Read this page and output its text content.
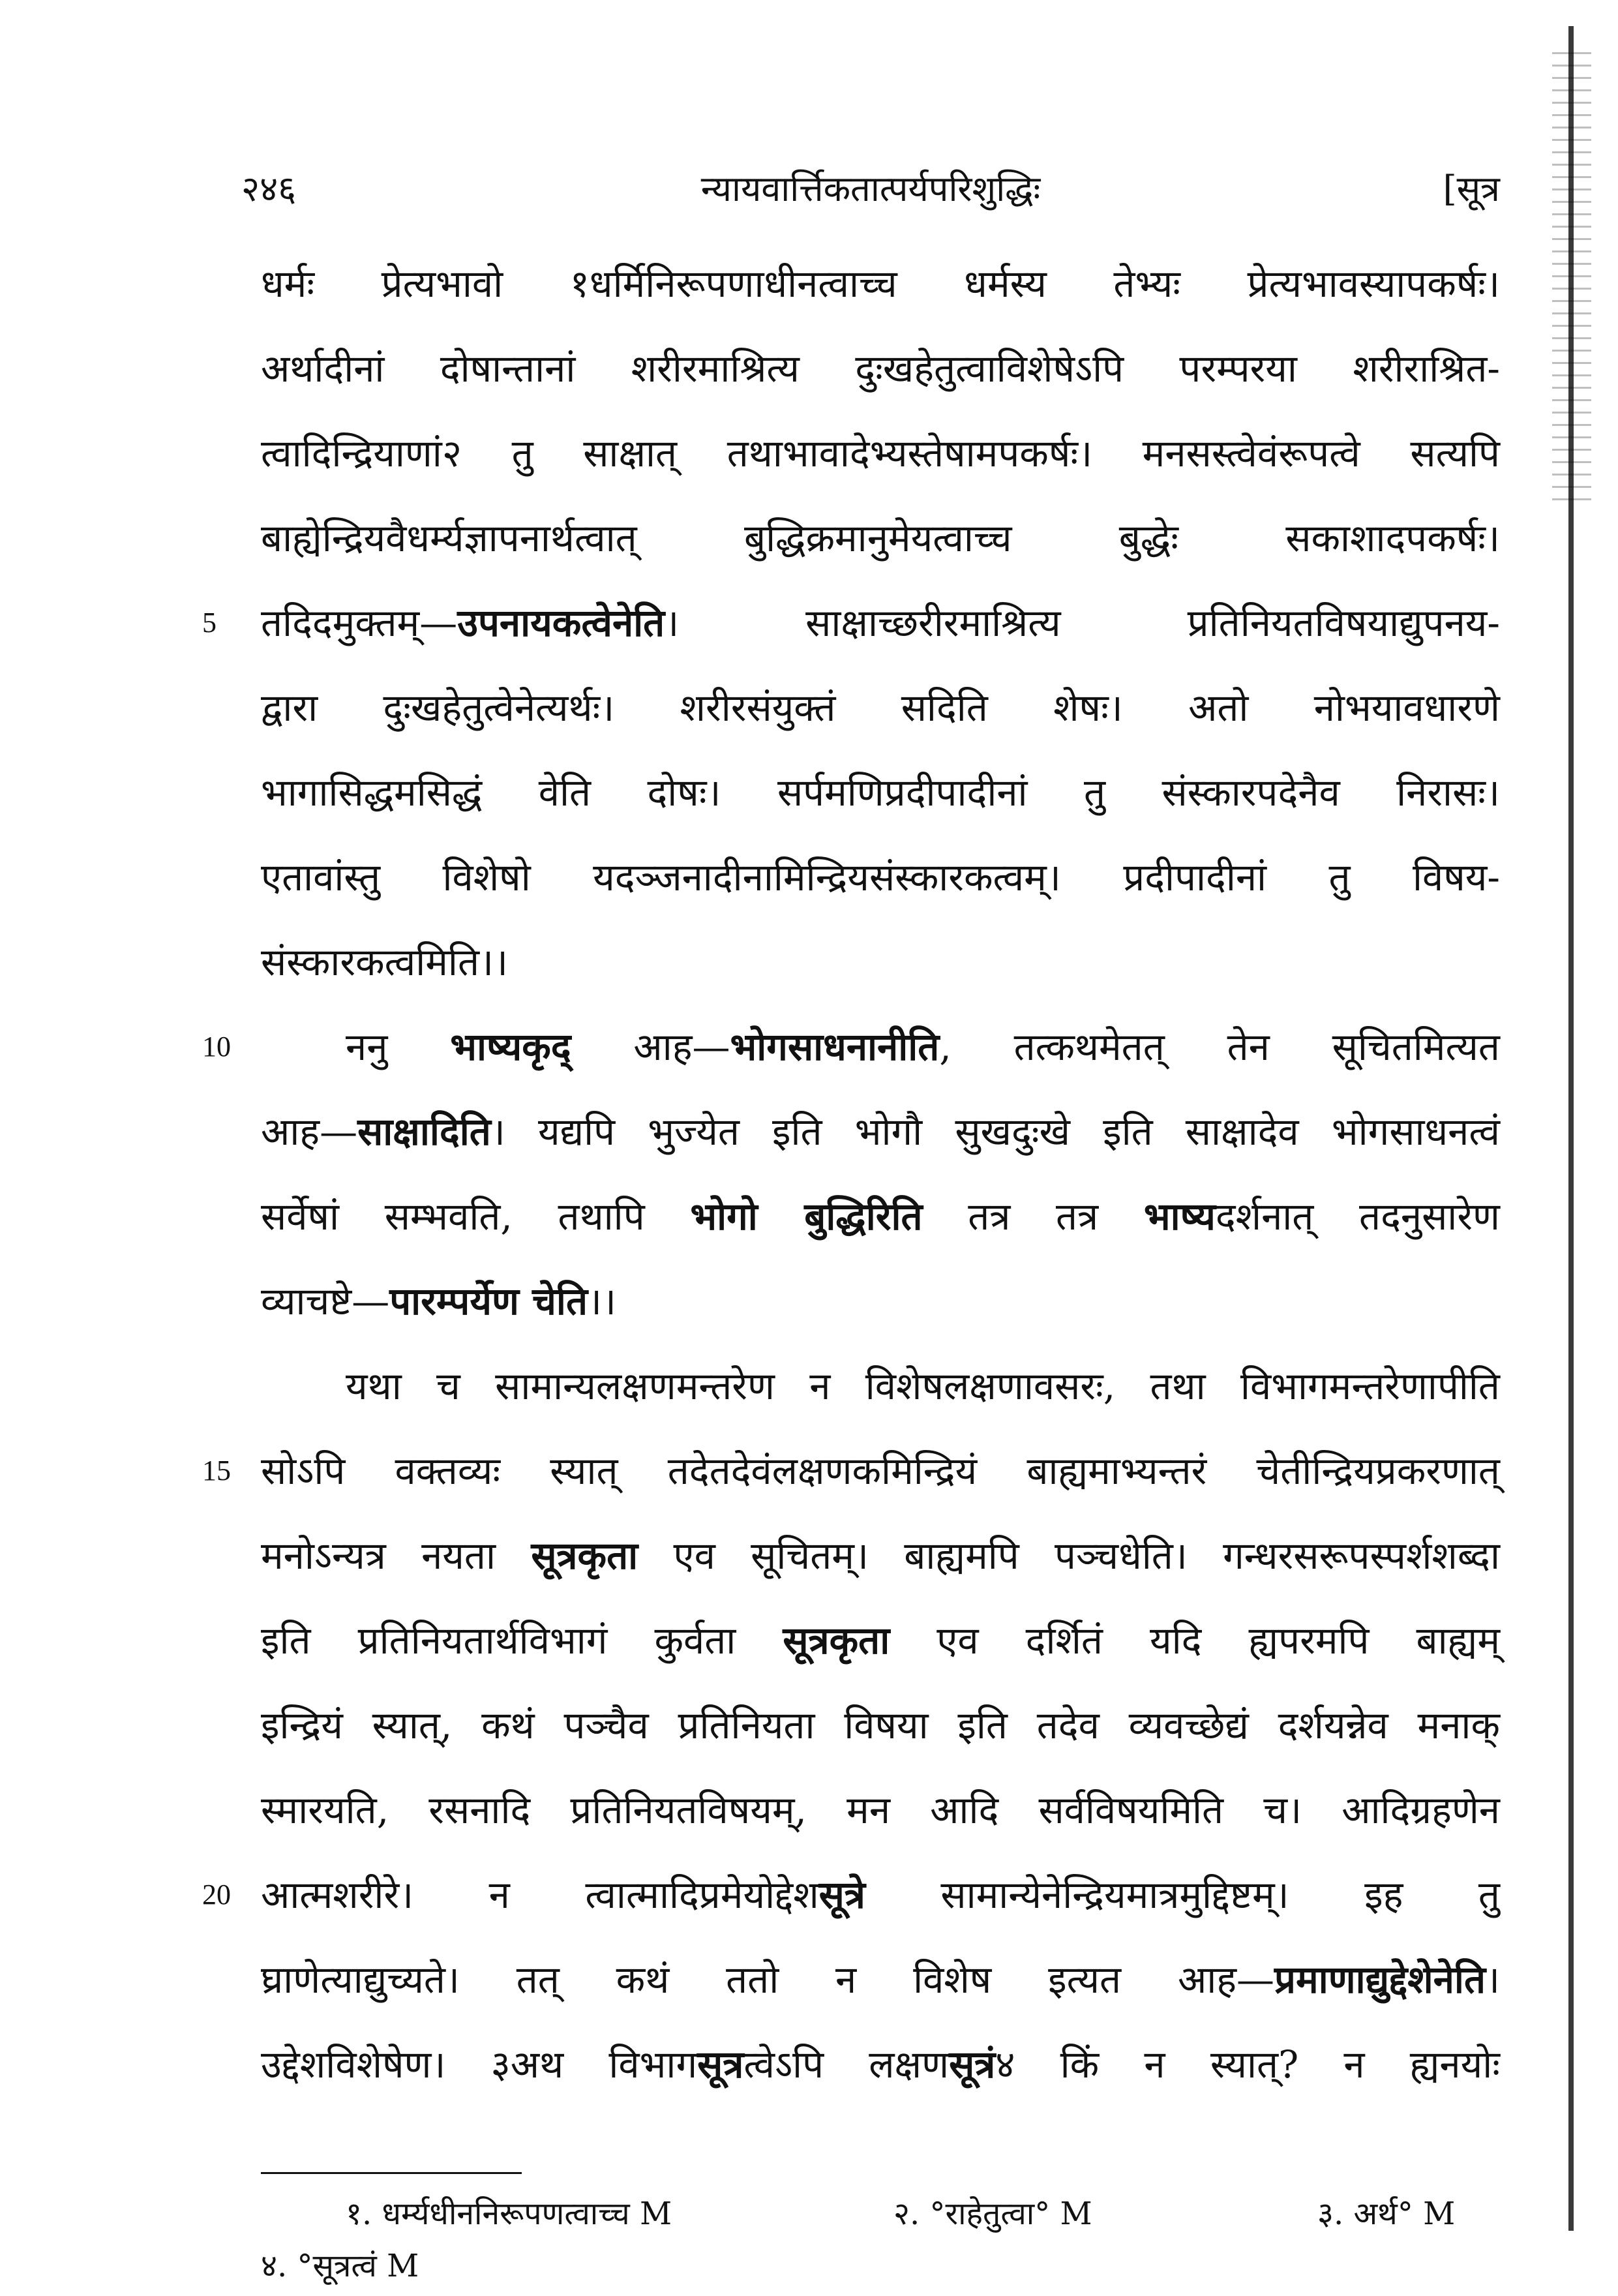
२४६	न्यायवार्त्तिकतात्पर्यपरिशुद्धिः	[सूत्र
धर्मः प्रेत्यभावो १धर्मिनिरूपणाधीनत्वाच्च धर्मस्य तेभ्यः प्रेत्यभावस्यापकर्षः।
अर्थादीनां दोषान्तानां शरीरमाश्रित्य दुःखहेतुत्वाविशेषेऽपि परम्परया शरीराश्रित-
त्वादिन्द्रियाणां२ तु साक्षात् तथाभावादेभ्यस्तेषामपकर्षः। मनसस्त्वेवंरूपत्वे सत्यपि
बाह्येन्द्रियवैधर्म्यज्ञापनार्थत्वात् बुद्धिक्रमानुमेयत्वाच्च बुद्धेः सकाशादपकर्षः।
5 तदिदमुक्तम्—उपनायकत्वेनेति। साक्षाच्छरीरमाश्रित्य प्रतिनियतविषयाद्युपनय-
द्वारा दुःखहेतुत्वेनेत्यर्थः। शरीरसंयुक्तं सदिति शेषः। अतो नोभयावधारणे
भागासिद्धमसिद्धं वेति दोषः। सर्पमणिप्रदीपादीनां तु संस्कारपदेनैव निरासः।
एतावांस्तु विशेषो यदञ्जनादीनामिन्द्रियसंस्कारकत्वम्। प्रदीपादीनां तु विषय-
संस्कारकत्वमिति।।
10	ननु भाष्यकृद् आह—भोगसाधनानीति, तत्कथमेतत् तेन सूचितमित्यत
आह—साक्षादिति। यद्यपि भुज्येत इति भोगौ सुखदुःखे इति साक्षादेव भोगसाधनत्वं
सर्वेषां सम्भवति, तथापि भोगो बुद्धिरिति तत्र तत्र भाष्यदर्शनात् तदनुसारेण
व्याचष्टे—पारम्पर्येण चेति।।
यथा च सामान्यलक्षणमन्तरेण न विशेषलक्षणावसरः, तथा विभागमन्तरेणापीति
15 सोऽपि वक्तव्यः स्यात् तदेतदेवंलक्षणकमिन्द्रियं बाह्यमाभ्यन्तरं चेतीन्द्रियप्रकरणात्
मनोऽन्यत्र नयता सूत्रकृता एव सूचितम्। बाह्यमपि पञ्चधेति। गन्धरसरूपस्पर्शशब्दा
इति प्रतिनियतार्थविभागं कुर्वता सूत्रकृता एव दर्शितं यदि ह्यपरमपि बाह्यम्
इन्द्रियं स्यात्, कथं पञ्चैव प्रतिनियता विषया इति तदेव व्यवच्छेद्यं दर्शयन्नेव मनाक्
स्मारयति, रसनादि प्रतिनियतविषयम्, मन आदि सर्वविषयमिति च। आदिग्रहणेन
20 आत्मशरीरे। न त्वात्मादिप्रमेयोद्देशसूत्रे सामान्येनेन्द्रियमात्रमुद्दिष्टम्। इह तु
घ्राणेत्याद्युच्यते। तत् कथं ततो न विशेष इत्यत आह—प्रमाणाद्युद्देशेनेति।
उद्देशविशेषेण। ३अथ विभागसूत्रत्वेऽपि लक्षणसूत्रं४ किं न स्यात्? न ह्यनयोः
१. धर्म्यधीननिरूपणत्वाच्च M	२. °राहेतुत्वा° M	३. अर्थ° M
४. °सूत्रत्वं M
